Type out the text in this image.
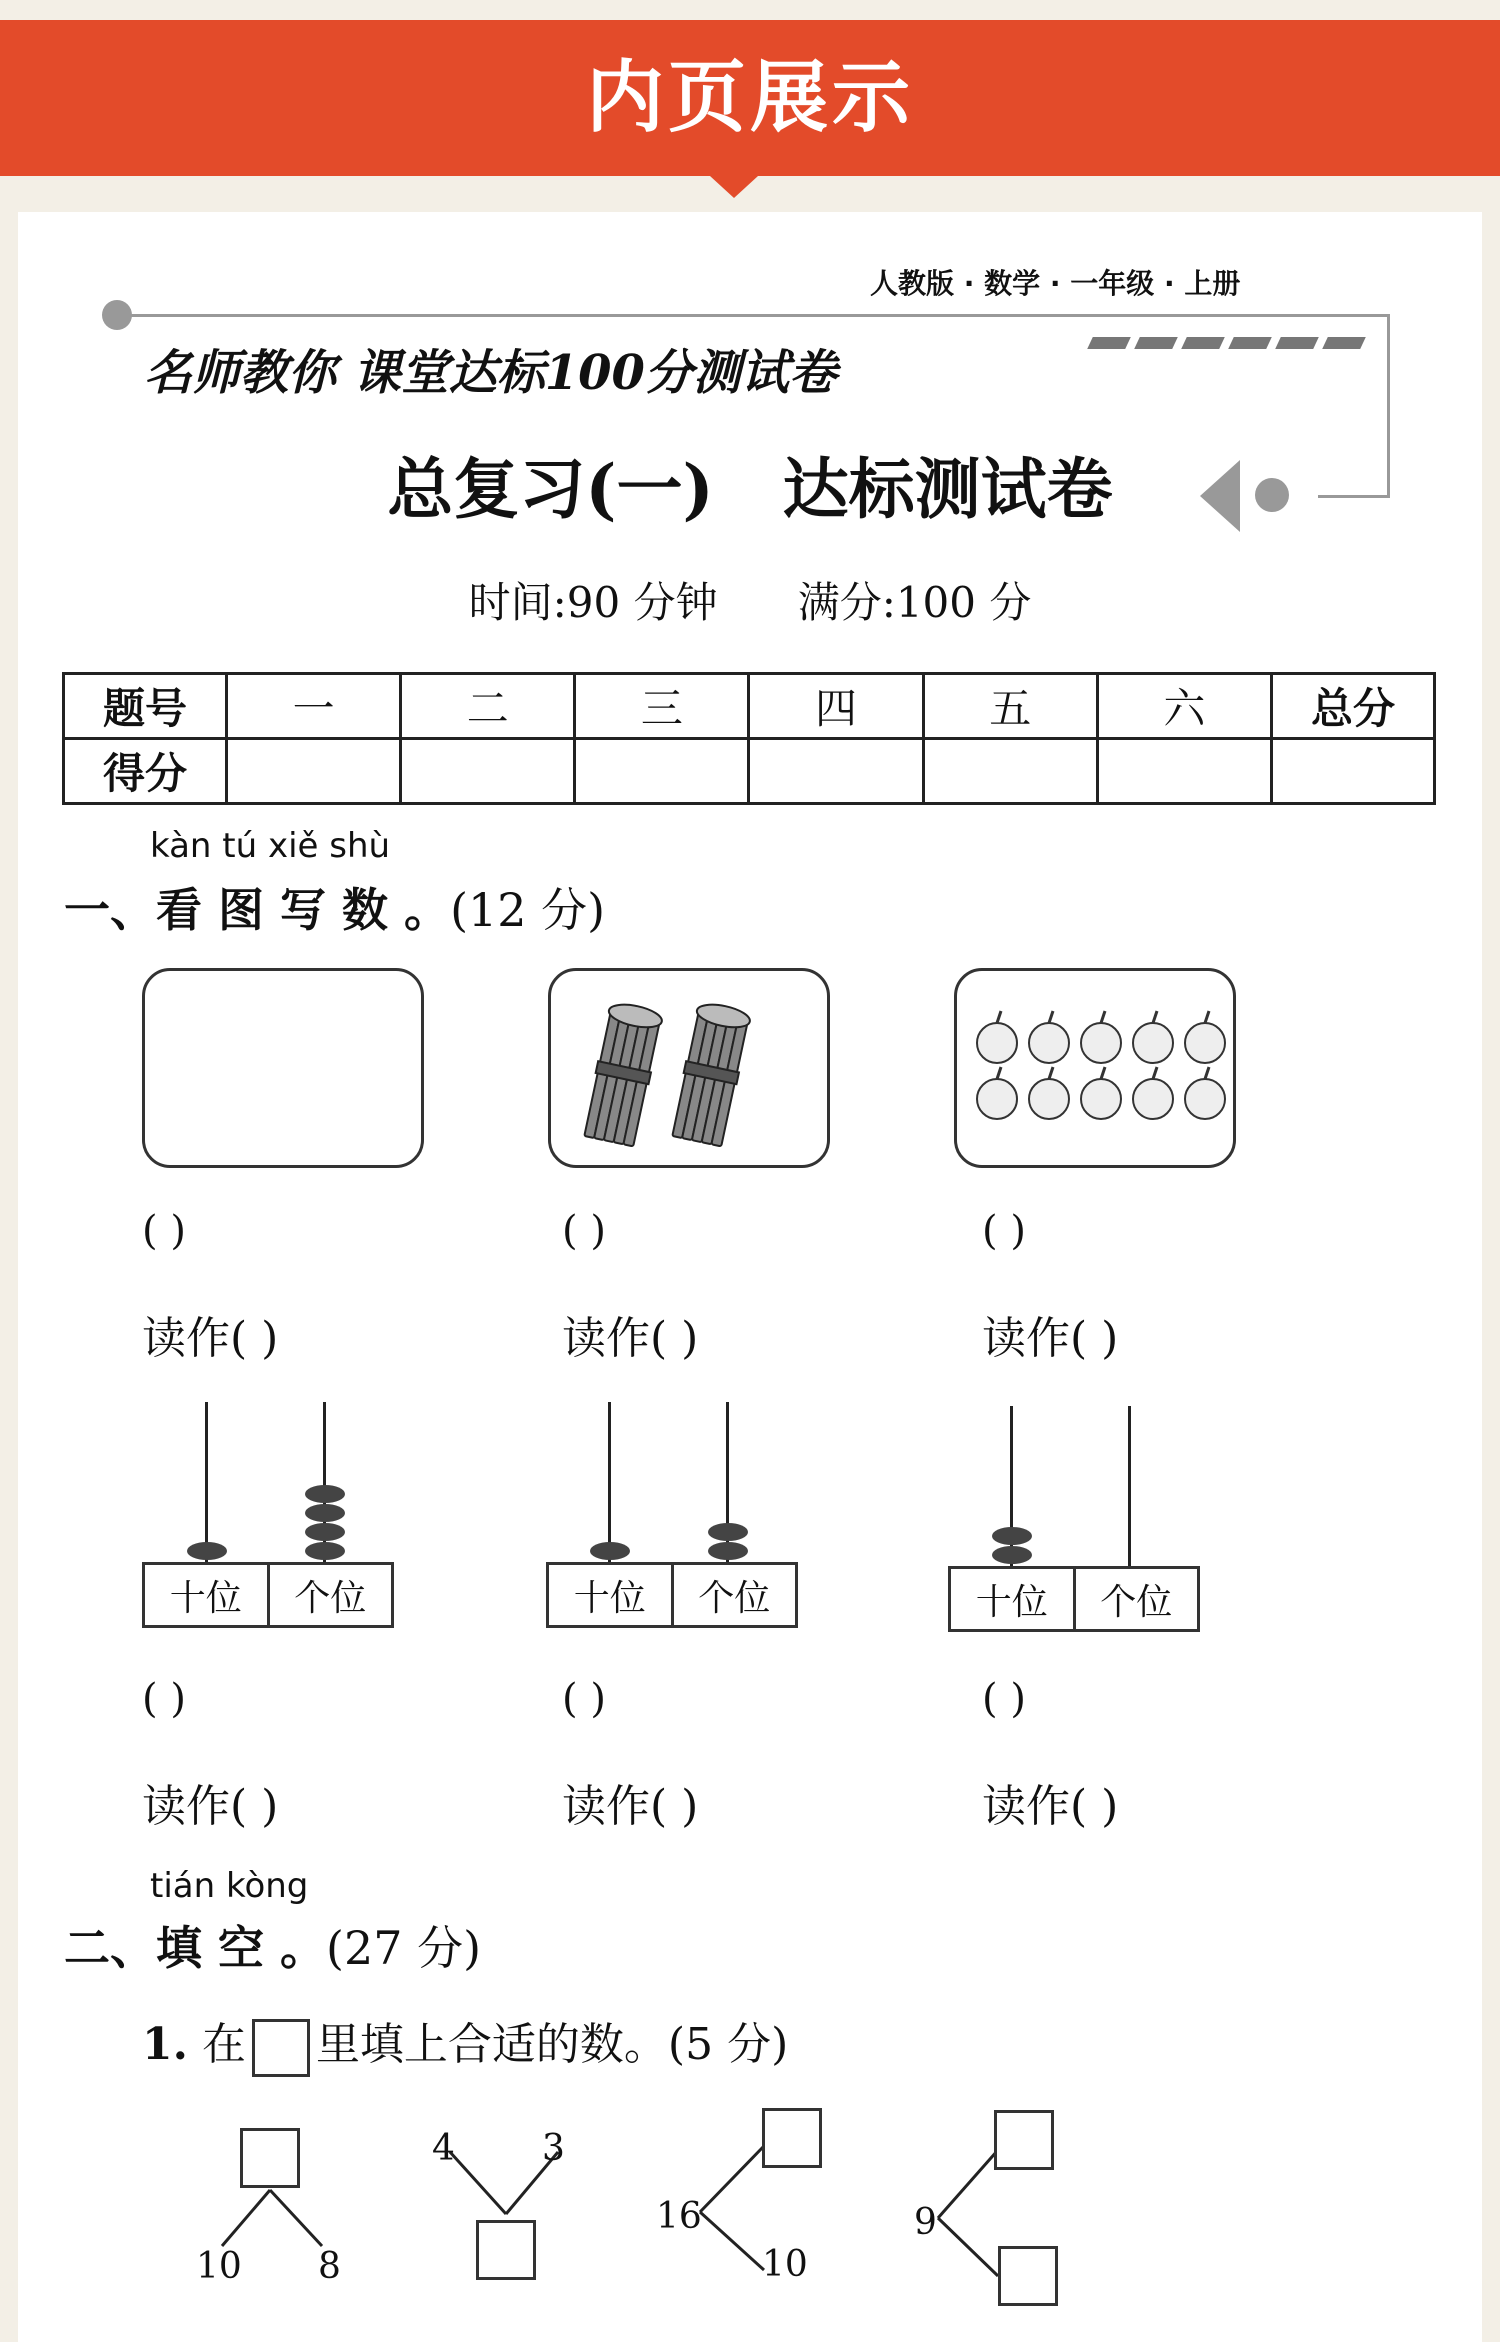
内页展示
人教版 · 数学 · 一年级 · 上册
名师教你 课堂达标100分测试卷
总复习(一)   达标测试卷
时间:90 分钟      满分:100 分
题号	一	二	三	四	五	六	总分
得分							
kàn tú xiě shù
一、看 图 写 数 。(12 分)
( )	( )	( )
读作( )	读作( )	读作( )
十位	个位	十位	个位	十位	个位
( )	( )	( )
读作( )	读作( )	读作( )
tián kòng
二、填 空 。(27 分)
1. 在 里填上合适的数。(5 分)
10 8
4 3
16
10
9
